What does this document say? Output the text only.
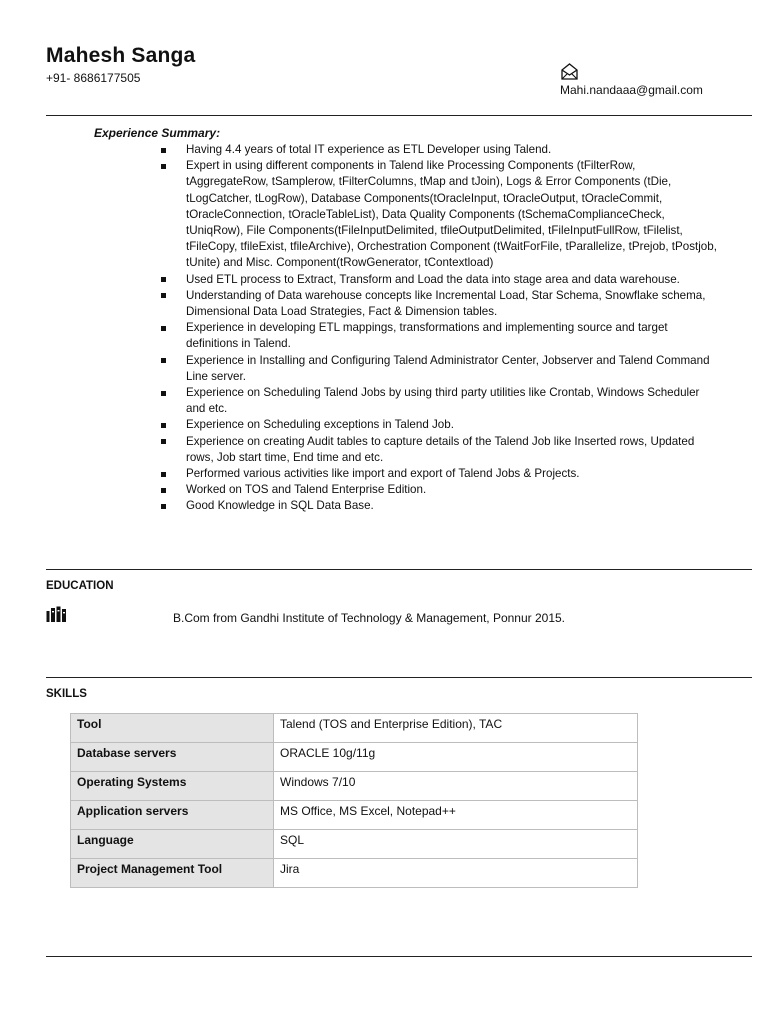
Mahesh Sanga
+91- 8686177505
Mahi.nandaaa@gmail.com
Experience Summary:
Having 4.4 years of total IT experience as ETL Developer using Talend.
Expert in using different components in Talend like Processing Components (tFilterRow, tAggregateRow, tSamplerow, tFilterColumns, tMap and tJoin), Logs & Error Components (tDie, tLogCatcher, tLogRow), Database Components(tOracleInput, tOracleOutput, tOracleCommit, tOracleConnection, tOracleTableList), Data Quality Components (tSchemaComplianceCheck, tUniqRow), File Components(tFileInputDelimited, tfileOutputDelimited, tFileInputFullRow, tFilelist, tFileCopy, tfileExist, tfileArchive), Orchestration Component (tWaitForFile, tParallelize, tPrejob, tPostjob, tUnite) and Misc. Component(tRowGenerator, tContextload)
Used ETL process to Extract, Transform and Load the data into stage area and data warehouse.
Understanding of Data warehouse concepts like Incremental Load, Star Schema, Snowflake schema, Dimensional Data Load Strategies, Fact & Dimension tables.
Experience in developing ETL mappings, transformations and implementing source and target definitions in Talend.
Experience in Installing and Configuring Talend Administrator Center, Jobserver and Talend Command Line server.
Experience on Scheduling Talend Jobs by using third party utilities like Crontab, Windows Scheduler and etc.
Experience on Scheduling exceptions in Talend Job.
Experience on creating Audit tables to capture details of the Talend Job like Inserted rows, Updated rows, Job start time, End time and etc.
Performed various activities like import and export of Talend Jobs & Projects.
Worked on TOS and Talend Enterprise Edition.
Good Knowledge in SQL Data Base.
EDUCATION
B.Com from Gandhi Institute of Technology & Management, Ponnur 2015.
SKILLS
Tool	Talend (TOS and Enterprise Edition), TAC

Database servers	ORACLE 10g/11g

Operating Systems	Windows 7/10

Application servers	MS Office, MS Excel, Notepad++

Language	SQL

Project Management Tool	Jira
